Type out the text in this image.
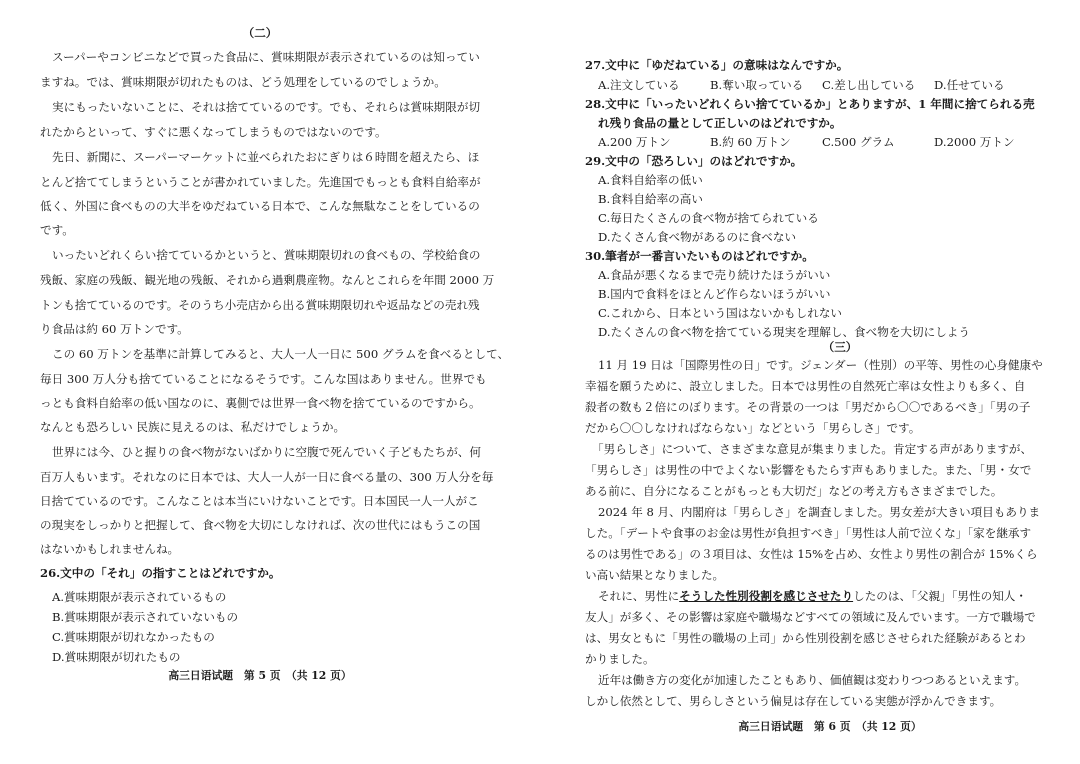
（二）
スーパーやコンビニなどで買った食品に、賞味期限が表示されているのは知ってい
ますね。では、賞味期限が切れたものは、どう処理をしているのでしょうか。
実にもったいないことに、それは捨てているのです。でも、それらは賞味期限が切
れたからといって、すぐに悪くなってしまうものではないのです。
先日、新聞に、スーパーマーケットに並べられたおにぎりは６時間を超えたら、ほ
とんど捨ててしまうということが書かれていました。先進国でもっとも食料自給率が
低く、外国に食べものの大半をゆだねている日本で、こんな無駄なことをしているの
です。
いったいどれくらい捨てているかというと、賞味期限切れの食べもの、学校給食の
残飯、家庭の残飯、観光地の残飯、それから過剰農産物。なんとこれらを年間 2000 万
トンも捨てているのです。そのうち小売店から出る賞味期限切れや返品などの売れ残
り食品は約 60 万トンです。
この 60 万トンを基準に計算してみると、大人一人一日に 500 グラムを食べるとして、
毎日 300 万人分も捨てていることになるそうです。こんな国はありません。世界でも
っとも食料自給率の低い国なのに、裏側では世界一食べ物を捨てているのですから。
なんとも恐ろしい 民族に見えるのは、私だけでしょうか。
世界には今、ひと握りの食べ物がないばかりに空腹で死んでいく子どもたちが、何
百万人もいます。それなのに日本では、大人一人が一日に食べる量の、300 万人分を毎
日捨てているのです。こんなことは本当にいけないことです。日本国民一人一人がこ
の現実をしっかりと把握して、食べ物を大切にしなければ、次の世代にはもうこの国
はないかもしれませんね。
26.文中の「それ」の指すことはどれですか。
A.賞味期限が表示されているもの
B.賞味期限が表示されていないもの
C.賞味期限が切れなかったもの
D.賞味期限が切れたもの
高三日语试题　第 5 页　（共 12 页）
27.文中に「ゆだねている」の意味はなんですか。
A.注文している	B.奪い取っている C.差し出している D.任せている
28.文中に「いったいどれくらい捨てているか」とありますが、1 年間に捨てられる売
れ残り食品の量として正しいのはどれですか。
A.200 万トン	B.約 60 万トン	C.500 グラム	D.2000 万トン
29.文中の「恐ろしい」のはどれですか。
A.食料自給率の低い
B.食料自給率の高い
C.毎日たくさんの食べ物が捨てられている
D.たくさん食べ物があるのに食べない
30.筆者が一番言いたいものはどれですか。
A.食品が悪くなるまで売り続けたほうがいい
B.国内で食料をほとんど作らないほうがいい
C.これから、日本という国はないかもしれない
D.たくさんの食べ物を捨てている現実を理解し、食べ物を大切にしよう
（三）
11 月 19 日は「国際男性の日」です。ジェンダー（性別）の平等、男性の心身健康や
幸福を願うために、設立しました。日本では男性の自然死亡率は女性よりも多く、自
殺者の数も２倍にのぼります。その背景の一つは「男だから〇〇であるべき」「男の子
だから〇〇しなければならない」などという「男らしさ」です。
「男らしさ」について、さまざまな意見が集まりました。肯定する声がありますが、
「男らしさ」は男性の中でよくない影響をもたらす声もありました。また、「男・女で
ある前に、自分になることがもっとも大切だ」などの考え方もさまざまでした。
2024 年 8 月、内閣府は「男らしさ」を調査しました。男女差が大きい項目もありま
した。「デートや食事のお金は男性が負担すべき」「男性は人前で泣くな」「家を継承す
るのは男性である」の３項目は、女性は 15%を占め、女性より男性の割合が 15%くら
い高い結果となりました。
それに、男性にそうした性別役割を感じさせたりしたのは、「父親」「男性の知人・
友人」が多く、その影響は家庭や職場などすべての領域に及んでいます。一方で職場で
は、男女ともに「男性の職場の上司」から性別役割を感じさせられた経験があるとわ
かりました。
近年は働き方の変化が加速したこともあり、価値観は変わりつつあるといえます。
しかし依然として、男らしさという偏見は存在している実態が浮かんできます。
高三日语试题　第 6 页　（共 12 页）
